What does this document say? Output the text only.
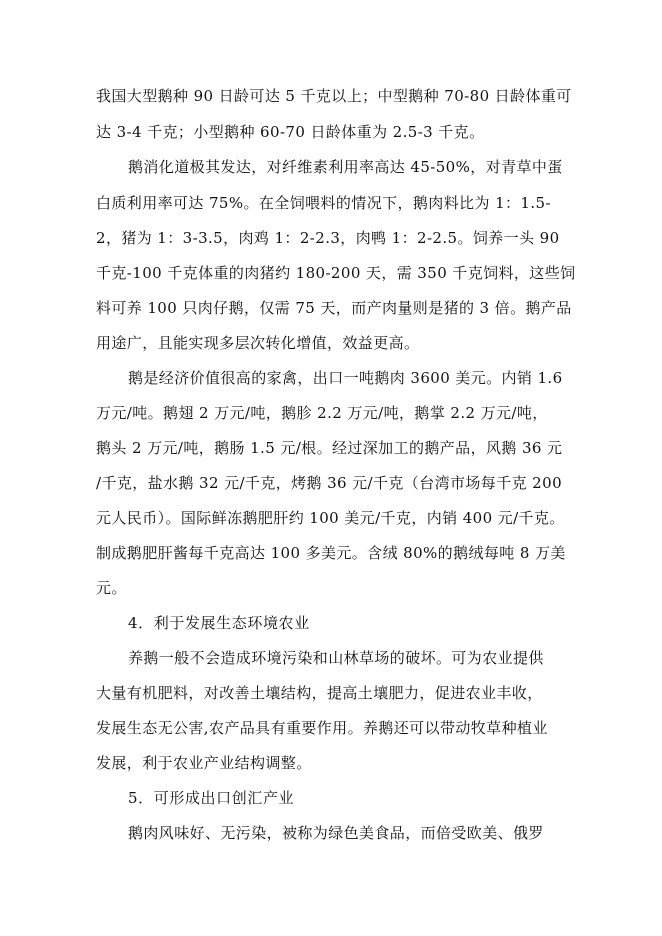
我国大型鹅种 90 日龄可达 5 千克以上；中型鹅种 70-80 日龄体重可
达 3-4 千克；小型鹅种 60-70 日龄体重为 2.5-3 千克。
鹅消化道极其发达，对纤维素利用率高达 45-50%，对青草中蛋
白质利用率可达 75%。在全饲喂料的情况下，鹅肉料比为 1：1.5-
2，猪为 1：3-3.5，肉鸡 1：2-2.3，肉鸭 1：2-2.5。饲养一头 90
千克-100 千克体重的肉猪约 180-200 天，需 350 千克饲料，这些饲
料可养 100 只肉仔鹅，仅需 75 天，而产肉量则是猪的 3 倍。鹅产品
用途广，且能实现多层次转化增值，效益更高。
鹅是经济价值很高的家禽，出口一吨鹅肉 3600 美元。内销 1.6
万元/吨。鹅翅 2 万元/吨，鹅胗 2.2 万元/吨，鹅掌 2.2 万元/吨，
鹅头 2 万元/吨，鹅肠 1.5 元/根。经过深加工的鹅产品，风鹅 36 元
/千克，盐水鹅 32 元/千克，烤鹅 36 元/千克（台湾市场每千克 200
元人民币）。国际鲜冻鹅肥肝约 100 美元/千克，内销 400 元/千克。
制成鹅肥肝酱每千克高达 100 多美元。含绒 80%的鹅绒每吨 8 万美
元。
4．利于发展生态环境农业
养鹅一般不会造成环境污染和山林草场的破坏。可为农业提供
大量有机肥料，对改善土壤结构，提高土壤肥力，促进农业丰收，
发展生态无公害,农产品具有重要作用。养鹅还可以带动牧草种植业
发展，利于农业产业结构调整。
5．可形成出口创汇产业
鹅肉风味好、无污染，被称为绿色美食品，而倍受欧美、俄罗
